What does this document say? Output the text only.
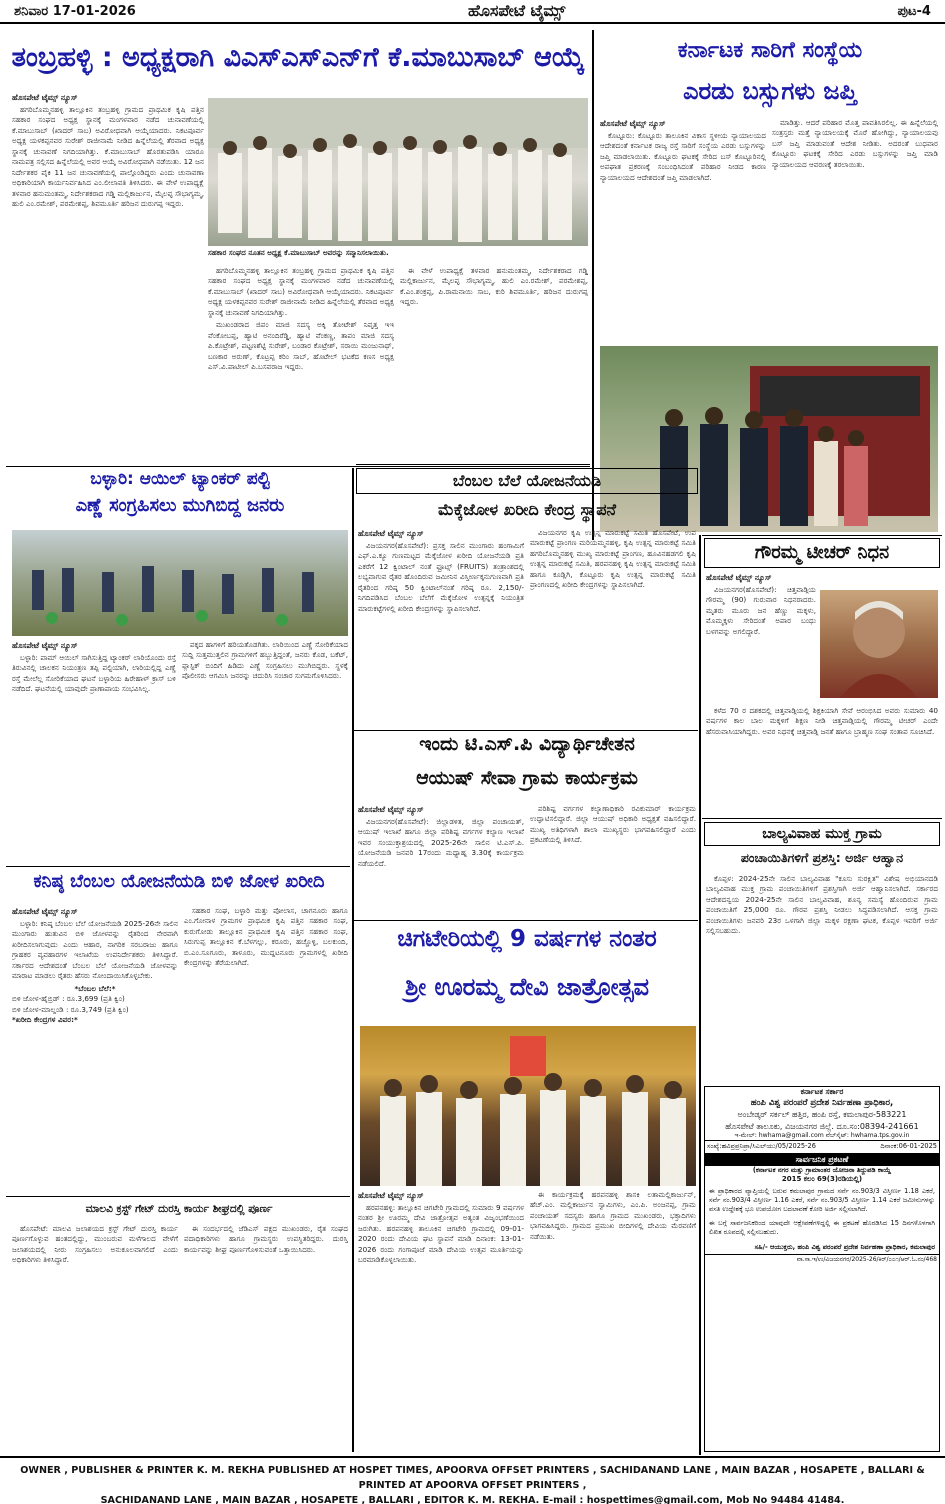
ಶನಿವಾರ 17-01-2026	ಹೊಸಪೇಟೆ ಟೈಮ್ಸ್	ಪುಟ-4
ತಂಬ್ರಹಳ್ಳಿ : ಅಧ್ಯಕ್ಷರಾಗಿ ವಿಎಸ್‌ಎಸ್‌ಎನ್‌ಗೆ ಕೆ.ಮಾಬುಸಾಬ್ ಆಯ್ಕೆ
ಹೊಸಪೇಟೆ ಟೈಮ್ಸ್ ನ್ಯೂಸ್

ಹಗರಿಬೊಮ್ಮನಹಳ್ಳಿ ತಾಲ್ಲೂಕಿನ ತಂಬ್ರಹಳ್ಳಿ ಗ್ರಾಮದ ಪ್ರಾಥಮಿಕ ಕೃಷಿ ಪತ್ತಿನ ಸಹಕಾರ ಸಂಘದ ಅಧ್ಯಕ್ಷ ಸ್ಥಾನಕ್ಕೆ ಮಂಗಳವಾರ ನಡೆದ ಚುನಾವಣೆಯಲ್ಲಿ ಕೆ.ಮಾಬುಸಾಬ್ (ಖಾದರ್ ಸಾಬ) ಅವಿರೋಧವಾಗಿ ಆಯ್ಕೆಯಾದರು. ನಿಕಟಪೂರ್ವ ಅಧ್ಯಕ್ಷ ಯಳಕಪ್ಪನವರ ಸುರೇಶ್ ರಾಜೀನಾಮೆ ನೀಡಿದ ಹಿನ್ನೆಲೆಯಲ್ಲಿ ತೆರವಾದ ಅಧ್ಯಕ್ಷ ಸ್ಥಾನಕ್ಕೆ ಚುನಾವಣೆ ನಿಗದಿಯಾಗಿತ್ತು. ಕೆ.ಮಾಬುಸಾಬ್ ಹೊರತುಪಡಿಸಿ ಯಾರೂ ನಾಮಪತ್ರ ಸಲ್ಲಿಸದ ಹಿನ್ನೆಲೆಯಲ್ಲಿ ಅವರ ಆಯ್ಕೆ ಅವಿರೋಧವಾಗಿ ನಡೆಯಿತು. 12 ಜನ ನಿರ್ದೇಶಕರ ಪೈಕಿ 11 ಜನ ಚುನಾವಣೆಯಲ್ಲಿ ಪಾಲ್ಗೊಂಡಿದ್ದರು ಎಂದು ಚುನಾವಣಾ ಅಧಿಕಾರಿಯಾಗಿ ಕಾರ್ಯನಿರ್ವಹಿಸಿದ ಎಂ.ಲೀಲಾವತಿ ತಿಳಿಸಿದರು. ಈ ವೇಳೆ ಉಪಾಧ್ಯಕ್ಷೆ ತಳವಾರ ಹನುಮಂತಮ್ಮ, ನಿರ್ದೇಶಕರಾದ ಗಡ್ಡಿ ಮಲ್ಲಿಕಾರ್ಜುನ, ಮೈಲಪ್ಳ ಸೌಭಾಗ್ಯಮ್ಮ, ಹುಲಿ ಎಂ.ರಮೇಶ್, ಪರಮೇಶಪ್ಪ, ಶಿವಮೂರ್ತಿ ಹರಿಜನ ದುರುಗಪ್ಪ ಇದ್ದರು.

ಸಹಕಾರ ಸಂಘದ ನೂತನ ಅಧ್ಯಕ್ಷ ಕೆ.ಮಾಬುಸಾಬ್ ಅವರನ್ನು ಸನ್ಮಾನಿಸಲಾಯಿತು.

ಹಗರಿಬೊಮ್ಮನಹಳ್ಳಿ ತಾಲ್ಲೂಕಿನ ತಂಬ್ರಹಳ್ಳಿ ಗ್ರಾಮದ ಪ್ರಾಥಮಿಕ ಕೃಷಿ ಪತ್ತಿನ ಸಹಕಾರ ಸಂಘದ ಅಧ್ಯಕ್ಷ ಸ್ಥಾನಕ್ಕೆ ಮಂಗಳವಾರ ನಡೆದ ಚುನಾವಣೆಯಲ್ಲಿ ಕೆ.ಮಾಬುಸಾಬ್ (ಖಾದರ್ ಸಾಬ) ಅವಿರೋಧವಾಗಿ ಆಯ್ಕೆಯಾದರು. ನಿಕಟಪೂರ್ವ ಅಧ್ಯಕ್ಷ ಯಳಕಪ್ಪನವರ ಸುರೇಶ್ ರಾಜೀನಾಮೆ ನೀಡಿದ ಹಿನ್ನೆಲೆಯಲ್ಲಿ ತೆರವಾದ ಅಧ್ಯಕ್ಷ ಸ್ಥಾನಕ್ಕೆ ಚುನಾವಣೆ ನಿಗದಿಯಾಗಿತ್ತು.

ಮುಖಂಡರಾದ ಜಿಪಂ ಮಾಜಿ ಸದಸ್ಯ ಅಕ್ಕಿ ತೋಟೇಶ್ ನಿವೃತ್ತ ಇಇ ವೆಂಕೋಬಪ್ಪ, ಹ್ಯಾಟಿ ಅನಂದಿರೆಡ್ಡಿ, ಹ್ಯಾಟಿ ವೆಂಕಣ್ಣ, ತಾಪಂ ಮಾಜಿ ಸದಸ್ಯ ಪಿ.ಕೊಟ್ರೇಶ್, ಪಟ್ಟಣಶೆಟ್ಟಿ ಸುರೇಶ್, ಬಂಡಾರ ಕೊಟ್ರೇಶ್, ಸರಾಯಿ ಮಂಜುನಾಥ್, ಬಣಕಾರ ಅರುಣ್, ಕೊಟ್ರಪ್ಪ ಕರಿಂ ಸಾಬ್, ಹೊಟೇಲ್ ಭಟಕೆದ ಕಣಸ ಅಧ್ಯಕ್ಷ ಎಸ್.ವಿ.ಪಾಟೀಲ್ ಪಿ.ಬಸವರಾಜ ಇದ್ದರು.

ಈ ವೇಳೆ ಉಪಾಧ್ಯಕ್ಷೆ ತಳವಾರ ಹನುಮಂತಮ್ಮ, ನಿರ್ದೇಶಕರಾದ ಗಡ್ಡಿ ಮಲ್ಲಿಕಾರ್ಜುನ, ಮೈಲಪ್ಳ ಸೌಭಾಗ್ಯಮ್ಮ, ಹುಲಿ ಎಂ.ರಮೇಶ್, ಪರಮೇಶಪ್ಪ, ಕೆ.ಎಂ.ಶಂಕ್ರಪ್ಪ, ಪಿ.ರಾಮನಾಯಿ ಸಾಬ, ಕುರಿ ಶಿವಮೂರ್ತಿ, ಹರಿಜನ ದುರುಗಪ್ಪ ಇದ್ದರು.

ಕರ್ನಾಟಕ ಸಾರಿಗೆ ಸಂಸ್ಥೆಯ
ಎರಡು ಬಸ್ಸುಗಳು ಜಪ್ತಿ
ಹೊಸಪೇಟೆ ಟೈಮ್ಸ್ ನ್ಯೂಸ್

ಕೊಟ್ಟೂರು: ಕೊಟ್ಟೂರು ತಾಲೂಕಿನ ವಿಕಾಸ ಸ್ಥಳೀಯ ನ್ಯಾಯಾಲಯದ ಆದೇಶದಂತೆ ಕರ್ನಾಟಕ ರಾಜ್ಯ ರಸ್ತೆ ಸಾರಿಗೆ ಸಂಸ್ಥೆಯ ಎರಡು ಬಸ್ಸುಗಳನ್ನು ಜಪ್ತಿ ಮಾಡಲಾಯಿತು. ಕೊಟ್ಟೂರು ಘಟಕಕ್ಕೆ ಸೇರಿದ ಬಸ್ ಕೊಟ್ಟೂರಿನಲ್ಲಿ ಅಪಘಾತ ಪ್ರಕರಣಕ್ಕೆ ಸಂಬಂಧಿಸಿದಂತೆ ಪರಿಹಾರ ನೀಡದ ಕಾರಣ ನ್ಯಾಯಾಲಯದ ಆದೇಶದಂತೆ ಜಪ್ತಿ ಮಾಡಲಾಗಿದೆ.

ಮಾಡಿತ್ತು. ಆದರೆ ಪರಿಹಾರ ಮೊತ್ತ ಪಾವತಿಸಿರಲಿಲ್ಲ. ಈ ಹಿನ್ನೆಲೆಯಲ್ಲಿ ಸಂತ್ರಸ್ತರು ಮತ್ತೆ ನ್ಯಾಯಾಲಯಕ್ಕೆ ಮೊರೆ ಹೋಗಿದ್ದು, ನ್ಯಾಯಾಲಯವು ಬಸ್ ಜಪ್ತಿ ಮಾಡುವಂತೆ ಆದೇಶ ನೀಡಿತು. ಅದರಂತೆ ಬುಧವಾರ ಕೊಟ್ಟೂರು ಘಟಕಕ್ಕೆ ಸೇರಿದ ಎರಡು ಬಸ್ಸುಗಳನ್ನು ಜಪ್ತಿ ಮಾಡಿ ನ್ಯಾಯಾಲಯದ ಆವರಣಕ್ಕೆ ತರಲಾಯಿತು.

ಬಳ್ಳಾರಿ: ಆಯಿಲ್ ಟ್ಯಾಂಕರ್ ಪಲ್ಟಿ
ಎಣ್ಣೆ ಸಂಗ್ರಹಿಸಲು ಮುಗಿಬಿದ್ದ ಜನರು
ಹೊಸಪೇಟೆ ಟೈಮ್ಸ್ ನ್ಯೂಸ್

ಬಳ್ಳಾರಿ: ಪಾಮ್ ಆಯಿಲ್ ಸಾಗಿಸುತ್ತಿದ್ದ ಟ್ಯಾಂಕರ್ ಲಾರಿಯೊಂದು ರಸ್ತೆ ತಿರುವಿನಲ್ಲಿ ಚಾಲಕನ ನಿಯಂತ್ರಣ ತಪ್ಪಿ ಪಲ್ಟಿಯಾಗಿ, ಲಾರಿಯಲ್ಲಿದ್ದ ಎಣ್ಣೆ ರಸ್ತೆ ಮೇಲೆಲ್ಲ ಸೋರಿಕೆಯಾದ ಘಟನೆ ಬಳ್ಳಾರಿಯ ಹಿರೇಹಾಳ್ ಕ್ರಾಸ್ ಬಳಿ ನಡೆದಿದೆ. ಘಟನೆಯಲ್ಲಿ ಯಾವುದೇ ಪ್ರಾಣಾಪಾಯ ಸಂಭವಿಸಿಲ್ಲ.

ಪಕ್ಕದ ಹಾಗಳಿಗೆ ಹರಿಯತೊಡಗಿತು. ಲಾರಿಯಿಂದ ಎಣ್ಣೆ ಸೋರಿಕೆಯಾದ ಸುದ್ದಿ ಸುತ್ತಮುತ್ತಲಿನ ಗ್ರಾಮಗಳಿಗೆ ಹಬ್ಬುತ್ತಿದ್ದಂತೆ, ಜನರು ಕೊಡ, ಬಕೆಟ್, ಪ್ಲಾಸ್ಟಿಕ್ ಬಿಂದಿಗೆ ಹಿಡಿದು ಎಣ್ಣೆ ಸಂಗ್ರಹಿಸಲು ಮುಗಿಬಿದ್ದರು. ಸ್ಥಳಕ್ಕೆ ಪೊಲೀಸರು ಆಗಮಿಸಿ ಜನರನ್ನು ಚದುರಿಸಿ ಸಂಚಾರ ಸುಗಮಗೊಳಿಸಿದರು.

ಬೆಂಬಲ ಬೆಲೆ ಯೋಜನೆಯಡಿ
ಮೆಕ್ಕೆಜೋಳ ಖರೀದಿ ಕೇಂದ್ರ ಸ್ಥಾಪನೆ
ಹೊಸಪೇಟೆ ಟೈಮ್ಸ್ ನ್ಯೂಸ್

ವಿಜಯನಗರ(ಹೊಸಪೇಟೆ): ಪ್ರಸಕ್ತ ಸಾಲಿನ ಮುಂಗಾರು ಹಂಗಾಮಿಗೆ ಎಫ್.ಎ.ಕ್ಯೂ ಗುಣಮಟ್ಟದ ಮೆಕ್ಕೆಜೋಳ ಖರೀದಿ ಯೋಜನೆಯಡಿ ಪ್ರತಿ ಎಕರೆಗೆ 12 ಕ್ವಿಂಟಾಲ್ ನಂತೆ ಫ್ರೂಟ್ಸ್ (FRUITS) ತಂತ್ರಾಂಶದಲ್ಲಿ ಲಭ್ಯವಾಗುವ ರೈತರ ಹೊಂದಿರುವ ಜಮೀನಿನ ವಿಸ್ತೀರ್ಣಕ್ಕನುಗುಣವಾಗಿ ಪ್ರತಿ ರೈತರಿಂದ ಗರಿಷ್ಠ 50 ಕ್ವಿಂಟಾಲ್‌ನಂತೆ ಗರಿಷ್ಠ ರೂ. 2,150/- ನಿಗದಿಪಡಿಸಿದ ಬೆಂಬಲ ಬೆಲೆಗೆ ಮೆಕ್ಕೆಜೋಳ ಉತ್ಪನ್ನಕ್ಕೆ ನಿಯಂತ್ರಿತ ಮಾರುಕಟ್ಟೆಗಳಲ್ಲಿ ಖರೀದಿ ಕೇಂದ್ರಗಳನ್ನು ಸ್ಥಾಪಿಸಲಾಗಿದೆ.

ವಿಜಯನಗರ ಕೃಷಿ ಉತ್ಪನ್ನ ಮಾರುಕಟ್ಟೆ ಸಮಿತಿ ಹೊಸಪೇಟೆ, ಉಪ ಮಾರುಕಟ್ಟೆ ಪ್ರಾಂಗಣ ಮರಿಯಮ್ಮನಹಳ್ಳಿ, ಕೃಷಿ ಉತ್ಪನ್ನ ಮಾರುಕಟ್ಟೆ ಸಮಿತಿ ಹಗರಿಬೊಮ್ಮನಹಳ್ಳಿ ಮುಖ್ಯ ಮಾರುಕಟ್ಟೆ ಪ್ರಾಂಗಣ, ಹೂವಿನಹಡಗಲಿ ಕೃಷಿ ಉತ್ಪನ್ನ ಮಾರುಕಟ್ಟೆ ಸಮಿತಿ, ಹರಪನಹಳ್ಳಿ ಕೃಷಿ ಉತ್ಪನ್ನ ಮಾರುಕಟ್ಟೆ ಸಮಿತಿ ಹಾಗೂ ಕೂಡ್ಲಿಗಿ, ಕೊಟ್ಟೂರು ಕೃಷಿ ಉತ್ಪನ್ನ ಮಾರುಕಟ್ಟೆ ಸಮಿತಿ ಪ್ರಾಂಗಣದಲ್ಲಿ ಖರೀದಿ ಕೇಂದ್ರಗಳನ್ನು ಸ್ಥಾಪಿಸಲಾಗಿದೆ.

ಗೌರಮ್ಮ ಟೀಚರ್ ನಿಧನ
ಹೊಸಪೇಟೆ ಟೈಮ್ಸ್ ನ್ಯೂಸ್

ವಿಜಯನಗರ(ಹೊಸಪೇಟೆ): ಚಿತ್ತವಾಡ್ಗಿಯ ಗೌರಮ್ಮ (90) ಗುರುವಾರ ನಿಧನರಾದರು. ಮೃತರು ಮೂರು ಜನ ಹೆಣ್ಣು ಮಕ್ಕಳು, ಮೊಮ್ಮಕ್ಕಳು ಸೇರಿದಂತೆ ಅಪಾರ ಬಂಧು ಬಳಗವನ್ನು ಅಗಲಿದ್ದಾರೆ.

ಕಳೆದ 70 ರ ದಶಕದಲ್ಲಿ ಚಿತ್ತವಾಡ್ಗಿಯಲ್ಲಿ ಶಿಕ್ಷಕಿಯಾಗಿ ಸೇವೆ ಆರಂಭಿಸಿದ ಅವರು ಸುಮಾರು 40 ವರ್ಷಗಳ ಕಾಲ ಬಾಲ ಮಕ್ಕಳಿಗೆ ಶಿಕ್ಷಣ ನೀಡಿ ಚಿತ್ತವಾಡ್ಗಿಯಲ್ಲಿ ಗೌರಮ್ಮ ಟೀಚರ್ ಎಂದೇ ಹೆಸರುವಾಸಿಯಾಗಿದ್ದರು. ಅವರ ನಿಧನಕ್ಕೆ ಚಿತ್ತವಾಡ್ಗಿ ಜನತೆ ಹಾಗೂ ಬ್ರಾಹ್ಮಣ ಸಂಘ ಸಂತಾಪ ಸೂಚಿಸಿದೆ.

ಇಂದು ಟಿ.ಎಸ್.ಪಿ ವಿದ್ಯಾರ್ಥಿಚೇತನ
ಆಯುಷ್ ಸೇವಾ ಗ್ರಾಮ ಕಾರ್ಯಕ್ರಮ
ಹೊಸಪೇಟೆ ಟೈಮ್ಸ್ ನ್ಯೂಸ್

ವಿಜಯನಗರ(ಹೊಸಪೇಟೆ): ಜಿಲ್ಲಾಡಳಿತ, ಜಿಲ್ಲಾ ಪಂಚಾಯತ್, ಆಯುಷ್ ಇಲಾಖೆ ಹಾಗೂ ಜಿಲ್ಲಾ ಪರಿಶಿಷ್ಟ ವರ್ಗಗಳ ಕಲ್ಯಾಣ ಇಲಾಖೆ ಇವರ ಸಂಯುಕ್ತಾಶ್ರಯದಲ್ಲಿ 2025-26ನೇ ಸಾಲಿನ ಟಿ.ಎಸ್.ಪಿ. ಯೋಜನೆಯಡಿ ಜನವರಿ 17ರಂದು ಮಧ್ಯಾಹ್ನ 3.30ಕ್ಕೆ ಕಾರ್ಯಕ್ರಮ ನಡೆಯಲಿದೆ.

ಪರಿಶಿಷ್ಟ ವರ್ಗಗಳ ಕಲ್ಯಾಣಾಧಿಕಾರಿ ರವಿಕುಮಾರ್ ಕಾರ್ಯಕ್ರಮ ಉದ್ಘಾಟಿಸಲಿದ್ದಾರೆ. ಜಿಲ್ಲಾ ಆಯುಷ್ ಅಧಿಕಾರಿ ಅಧ್ಯಕ್ಷತೆ ವಹಿಸಲಿದ್ದಾರೆ. ಮುಖ್ಯ ಅತಿಥಿಗಳಾಗಿ ಶಾಲಾ ಮುಖ್ಯಸ್ಥರು ಭಾಗವಹಿಸಲಿದ್ದಾರೆ ಎಂದು ಪ್ರಕಟಣೆಯಲ್ಲಿ ತಿಳಿಸಿದೆ.	ಬಾಲ್ಯವಿವಾಹ ಮುಕ್ತ ಗ್ರಾಮ
ಪಂಚಾಯಿತಿಗಳಿಗೆ ಪ್ರಶಸ್ತಿ: ಅರ್ಜಿ ಆಹ್ವಾನ

ಕೊಪ್ಪಳ: 2024-25ನೇ ಸಾಲಿನ ಬಾಲ್ಯವಿವಾಹ "ಕೂಸು ಸುರಕ್ಷಿತ" ವಿಶೇಷ ಅಭಿಯಾನದಡಿ ಬಾಲ್ಯವಿವಾಹ ಮುಕ್ತ ಗ್ರಾಮ ಪಂಚಾಯಿತಿಗಳಿಗೆ ಪ್ರಶಸ್ತಿಗಾಗಿ ಅರ್ಜಿ ಆಹ್ವಾನಿಸಲಾಗಿದೆ. ಸರ್ಕಾರದ ಆದೇಶದನ್ವಯ 2024-25ನೇ ಸಾಲಿನ ಬಾಲ್ಯವಿವಾಹ, ಶೂನ್ಯ ಸಮಸ್ಯೆ ಹೊಂದಿರುವ ಗ್ರಾಮ ಪಂಚಾಯಿತಿಗೆ 25,000 ರೂ. ಗೌರವ ಪ್ರಶಸ್ತಿ ನೀಡಲು ಸಿದ್ಧಪಡಿಸಲಾಗಿದೆ. ಆಸಕ್ತ ಗ್ರಾಮ ಪಂಚಾಯಿತಿಗಳು ಜನವರಿ 23ರ ಒಳಗಾಗಿ ಜಿಲ್ಲಾ ಮಕ್ಕಳ ರಕ್ಷಣಾ ಘಟಕ, ಕೊಪ್ಪಳ ಇವರಿಗೆ ಅರ್ಜಿ ಸಲ್ಲಿಸಬಹುದು.

ಕನಿಷ್ಠ ಬೆಂಬಲ ಯೋಜನೆಯಡಿ ಬಿಳಿ ಜೋಳ ಖರೀದಿ
ಹೊಸಪೇಟೆ ಟೈಮ್ಸ್ ನ್ಯೂಸ್

ಬಳ್ಳಾರಿ: ಕನಿಷ್ಠ ಬೆಂಬಲ ಬೆಲೆ ಯೋಜನೆಯಡಿ 2025-26ನೇ ಸಾಲಿನ ಮುಂಗಾರು ಹುತುವಿನ ಬಿಳಿ ಜೋಳವನ್ನು ರೈತರಿಂದ ನೇರವಾಗಿ ಖರೀದಿಸಲಾಗುವುದು ಎಂದು ಆಹಾರ, ನಾಗರಿಕ ಸರಬರಾಜು ಹಾಗೂ ಗ್ರಾಹಕರ ವ್ಯವಹಾರಗಳ ಇಲಾಖೆಯ ಉಪನಿರ್ದೇಶಕರು ತಿಳಿಸಿದ್ದಾರೆ. ಸರ್ಕಾರದ ಆದೇಶದಂತೆ ಬೆಂಬಲ ಬೆಲೆ ಯೋಜನೆಯಡಿ ಜೋಳವನ್ನು ಮಾರಾಟ ಮಾಡಲು ರೈತರು ಹೆಸರು ನೋಂದಾಯಿಸಿಕೊಳ್ಳಬೇಕು.

*ಬೆಂಬಲ ಬೆಲೆ:*
ಬಿಳಿ ಜೋಳ-ಹೈಬ್ರಿಡ್ : ರೂ.3,699 (ಪ್ರತಿ ಕ್ವಿಂ)
ಬಿಳಿ ಜೋಳ-ಮಾಲ್ದಂಡಿ : ರೂ.3,749 (ಪ್ರತಿ ಕ್ವಿಂ)
*ಖರೀದಿ ಕೇಂದ್ರಗಳ ವಿವರ:*

ಸಹಕಾರ ಸಂಘ, ಬಳ್ಳಾರಿ ಮತ್ತು ಪೋಲಾಸ, ಚಾಗನೂರು ಹಾಗೂ ಎಂ.ಗೋನಾಳ ಗ್ರಾಮಗಳ ಪ್ರಾಥಮಿಕ ಕೃಷಿ ಪತ್ತಿನ ಸಹಕಾರ ಸಂಘ, ಕುರುಗೋಡು ತಾಲ್ಲೂಕಿನ ಪ್ರಾಥಮಿಕ ಕೃಷಿ ಪತ್ತಿನ ಸಹಕಾರ ಸಂಘ, ಸಿರುಗುಪ್ಪ ತಾಲ್ಲೂಕಿನ ಕೆ.ಬೆಳಗಲ್ಲು, ಕರೂರು, ಹಚ್ಚೊಳ್ಳಿ, ಬಲಕುಂದಿ, ಬಿ.ಎಂ.ಸೂಗೂರು, ತಾಳೂರು, ಮುದ್ದಟನೂರು ಗ್ರಾಮಗಳಲ್ಲಿ ಖರೀದಿ ಕೇಂದ್ರಗಳನ್ನು ತೆರೆಯಲಾಗಿದೆ.

ಚಿಗಟೇರಿಯಲ್ಲಿ 9 ವರ್ಷಗಳ ನಂತರ
ಶ್ರೀ ಊರಮ್ಮ ದೇವಿ ಜಾತ್ರೋತ್ಸವ
ಹೊಸಪೇಟೆ ಟೈಮ್ಸ್ ನ್ಯೂಸ್

ಹರಪನಹಳ್ಳಿ: ತಾಲ್ಲೂಕಿನ ಚಿಗಟೇರಿ ಗ್ರಾಮದಲ್ಲಿ ಸುಮಾರು 9 ವರ್ಷಗಳ ನಂತರ ಶ್ರೀ ಊರಮ್ಮ ದೇವಿ ಜಾತ್ರೋತ್ಸವ ಅತ್ಯಂತ ವಿಜೃಂಭಣೆಯಿಂದ ಜರುಗಿತು. ಹರಪನಹಳ್ಳಿ ತಾಲೂಕಿನ ಚಿಗಟೇರಿ ಗ್ರಾಮದಲ್ಲಿ 09-01-2020 ರಂದು ದೇವಿಯ ಘಟ ಸ್ಥಾಪನೆ ಮಾಡಿ ದಿನಾಂಕ: 13-01-2026 ರಂದು ಗಂಗಾಪೂಜೆ ಮಾಡಿ ದೇವಿಯ ಉತ್ಸವ ಮೂರ್ತಿಯನ್ನು ಬರಮಾಡಿಕೊಳ್ಳಲಾಯಿತು.

ಈ ಕಾರ್ಯಕ್ರಮಕ್ಕೆ ಹರಪನಹಳ್ಳಿ ಶಾಸಕಿ ಲತಾಮಲ್ಲಿಕಾರ್ಜುನ್, ಹೆಚ್.ಎಂ. ಮಲ್ಲಿಕಾರ್ಜುನ ಸ್ವಾಮಿಗಳು, ಎಂ.ಪಿ. ಅಂಜನಪ್ಪ, ಗ್ರಾಮ ಪಂಚಾಯತ್ ಸದಸ್ಯರು ಹಾಗೂ ಗ್ರಾಮದ ಮುಖಂಡರು, ಭಕ್ತಾದಿಗಳು ಭಾಗವಹಿಸಿದ್ದರು. ಗ್ರಾಮದ ಪ್ರಮುಖ ಬೀದಿಗಳಲ್ಲಿ ದೇವಿಯ ಮೆರವಣಿಗೆ ನಡೆಯಿತು.

ಮಾಲವಿ ಕ್ರಸ್ಟ್ ಗೇಟ್ ದುರಸ್ತಿ ಕಾರ್ಯ ಶೀಘ್ರದಲ್ಲಿ ಪೂರ್ಣ

ಹೊಸಪೇಟೆ: ಮಾಲವಿ ಜಲಾಶಯದ ಕ್ರಸ್ಟ್ ಗೇಟ್ ದುರಸ್ತಿ ಕಾರ್ಯ ಪೂರ್ಣಗೊಳ್ಳುವ ಹಂತದಲ್ಲಿದ್ದು, ಮುಂಬರುವ ಮಳೆಗಾಲದ ವೇಳೆಗೆ ಜಲಾಶಯದಲ್ಲಿ ನೀರು ಸಂಗ್ರಹಿಸಲು ಅನುಕೂಲವಾಗಲಿದೆ ಎಂದು ಅಧಿಕಾರಿಗಳು ತಿಳಿಸಿದ್ದಾರೆ.

ಈ ಸಂದರ್ಭದಲ್ಲಿ ಜೆಡಿಎಸ್ ಪಕ್ಷದ ಮುಖಂಡರು, ರೈತ ಸಂಘದ ಪದಾಧಿಕಾರಿಗಳು ಹಾಗೂ ಗ್ರಾಮಸ್ಥರು ಉಪಸ್ಥಿತರಿದ್ದರು. ದುರಸ್ತಿ ಕಾರ್ಯವನ್ನು ಶೀಘ್ರ ಪೂರ್ಣಗೊಳಿಸುವಂತೆ ಒತ್ತಾಯಿಸಿದರು.

ಕರ್ನಾಟಕ ಸರ್ಕಾರ
ಹಂಪಿ ವಿಶ್ವ ಪರಂಪರೆ ಪ್ರದೇಶ ನಿರ್ವಹಣಾ ಪ್ರಾಧಿಕಾರ,
ಅಂಬೇಡ್ಕರ್ ಸರ್ಕಲ್ ಹತ್ತಿರ, ಹಂಪಿ ರಸ್ತೆ, ಕಮಲಾಪುರ-583221
ಹೊಸಪೇಟೆ ತಾಲೂಕು, ವಿಜಯನಗರ ಜಿಲ್ಲೆ. ದೂ.ಸಂ:08394-241661
ಇ-ಮೇಲ್: hwhama@gmail.com ವೆಬ್‌ಸೈಟ್: hwhama.tps.gov.in
ಸಂಖ್ಯೆ:ಹವಿಪ್ರಪ್ರನಿಪ್ರಾ/ಸಿಎಲ್‌ಯು/05/2025-26	ದಿನಾಂಕ:06-01-2025
ಸಾರ್ವಜನಿಕ ಪ್ರಕಟಣೆ
(ಕರ್ನಾಟಕ ನಗರ ಮತ್ತು ಗ್ರಾಮಾಂತರ ಯೋಜನಾ ತಿದ್ದುಪಡಿ ಕಾಯ್ದೆ
2015 ಕಲಂ 69(3)ರಡಿಯಲ್ಲಿ)
ಈ ಪ್ರಾಧಿಕಾರದ ವ್ಯಾಪ್ತಿಯಲ್ಲಿ ಬರುವ ಕಮಲಾಪುರ ಗ್ರಾಮದ ಸರ್ವೆ ನಂ.903/3 ವಿಸ್ತೀರ್ಣ 1.18 ಎಕರೆ, ಸರ್ವೆ ನಂ.903/4 ವಿಸ್ತೀರ್ಣ 1.16 ಎಕರೆ, ಸರ್ವೆ ನಂ.903/5 ವಿಸ್ತೀರ್ಣ 1.14 ಎಕರೆ ಜಮೀನುಗಳನ್ನು ವಸತಿ ಉದ್ದೇಶಕ್ಕೆ ಭೂ ಉಪಯೋಗ ಬದಲಾವಣೆ ಕೋರಿ ಅರ್ಜಿ ಸಲ್ಲಿಸಲಾಗಿದೆ.
ಈ ಬಗ್ಗೆ ಸಾರ್ವಜನಿಕರಿಂದ ಯಾವುದೇ ಆಕ್ಷೇಪಣೆಗಳಿದ್ದಲ್ಲಿ ಈ ಪ್ರಕಟಣೆ ಹೊರಡಿಸಿದ 15 ದಿನಗಳೊಳಗಾಗಿ ಲಿಖಿತ ರೂಪದಲ್ಲಿ ಸಲ್ಲಿಸಬಹುದು.
ಸಹಿ/- ಆಯುಕ್ತರು, ಹಂಪಿ ವಿಶ್ವ ಪರಂಪರೆ ಪ್ರದೇಶ ನಿರ್ವಹಣಾ ಪ್ರಾಧಿಕಾರ, ಕಮಲಾಪುರ
ವಾ.ಸಾ.ಇ/ಉ/ವಿಜಯನಗರ/2025-26/ಕಿರ್/೦೦೧/ಆರ್.ಓ.ನಂ/468
OWNER , PUBLISHER & PRINTER K. M. REKHA PUBLISHED AT HOSPET TIMES, APOORVA OFFSET PRINTERS , SACHIDANAND LANE , MAIN BAZAR , HOSAPETE , BALLARI & PRINTED AT APOORVA OFFSET PRINTERS ,
SACHIDANAND LANE , MAIN BAZAR , HOSAPETE , BALLARI , EDITOR K. M. REKHA. E-mail : hospettimes@gmail.com, Mob No 94484 41484.
